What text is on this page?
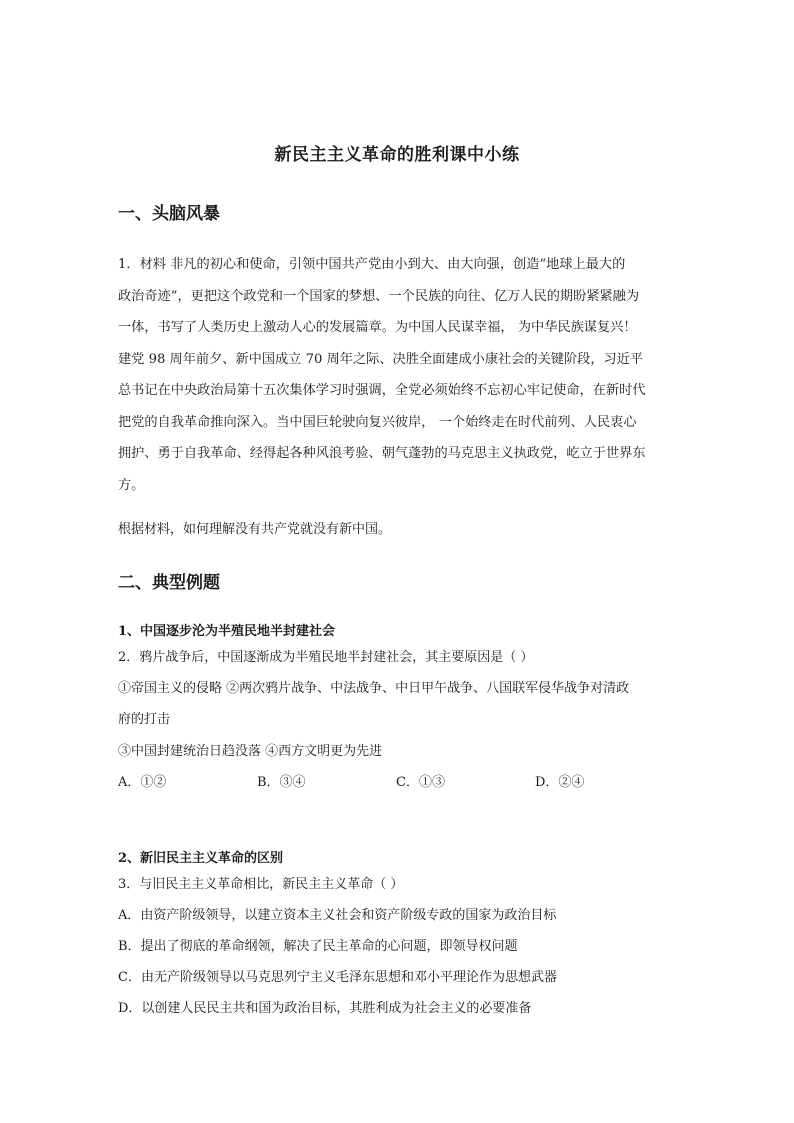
新民主主义革命的胜利课中小练
一、头脑风暴
1．材料 非凡的初心和使命，引领中国共产党由小到大、由大向强，创造“地球上最大的
政治奇迹”，更把这个政党和一个国家的梦想、一个民族的向往、亿万人民的期盼紧紧融为
一体，书写了人类历史上激动人心的发展篇章。为中国人民谋幸福， 为中华民族谋复兴！
建党 98 周年前夕、新中国成立 70 周年之际、决胜全面建成小康社会的关键阶段，习近平
总书记在中央政治局第十五次集体学习时强调，全党必须始终不忘初心牢记使命，在新时代
把党的自我革命推向深入。当中国巨轮驶向复兴彼岸， 一个始终走在时代前列、人民衷心
拥护、勇于自我革命、经得起各种风浪考验、朝气蓬勃的马克思主义执政党，屹立于世界东
方。
根据材料，如何理解没有共产党就没有新中国。
二、典型例题
1、中国逐步沦为半殖民地半封建社会
2．鸦片战争后，中国逐渐成为半殖民地半封建社会，其主要原因是（ ）
①帝国主义的侵略 ②两次鸦片战争、中法战争、中日甲午战争、八国联军侵华战争对清政
府的打击
③中国封建统治日趋没落 ④西方文明更为先进
A．①②	B．③④	C．①③	D．②④
2、新旧民主主义革命的区别
3．与旧民主主义革命相比，新民主主义革命（ ）
A．由资产阶级领导，以建立资本主义社会和资产阶级专政的国家为政治目标
B．提出了彻底的革命纲领，解决了民主革命的心问题，即领导权问题
C．由无产阶级领导以马克思列宁主义毛泽东思想和邓小平理论作为思想武器
D．以创建人民民主共和国为政治目标，其胜利成为社会主义的必要准备
